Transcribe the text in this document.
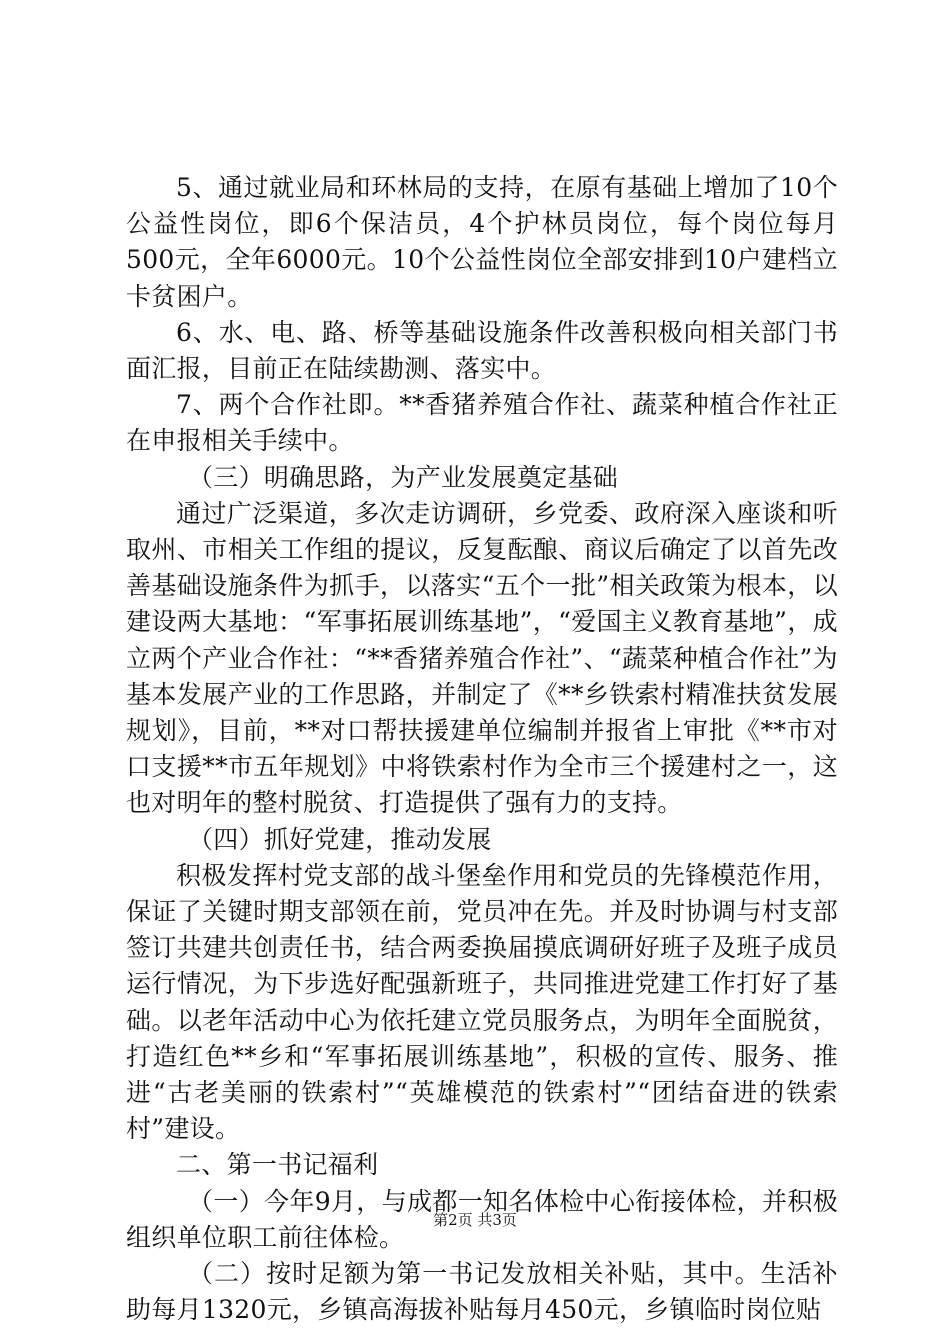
5、通过就业局和环林局的支持，在原有基础上增加了10个公益性岗位，即6个保洁员，4个护林员岗位，每个岗位每月500元，全年6000元。10个公益性岗位全部安排到10户建档立卡贫困户。

6、水、电、路、桥等基础设施条件改善积极向相关部门书面汇报，目前正在陆续勘测、落实中。

7、两个合作社即。**香猪养殖合作社、蔬菜种植合作社正在申报相关手续中。

（三）明确思路，为产业发展奠定基础

通过广泛渠道，多次走访调研，乡党委、政府深入座谈和听取州、市相关工作组的提议，反复酝酿、商议后确定了以首先改善基础设施条件为抓手，以落实“五个一批”相关政策为根本，以建设两大基地：“军事拓展训练基地”，“爱国主义教育基地”，成立两个产业合作社：“**香猪养殖合作社”、“蔬菜种植合作社”为基本发展产业的工作思路，并制定了《**乡铁索村精准扶贫发展规划》，目前，**对口帮扶援建单位编制并报省上审批《**市对口支援**市五年规划》中将铁索村作为全市三个援建村之一，这也对明年的整村脱贫、打造提供了强有力的支持。

（四）抓好党建，推动发展

积极发挥村党支部的战斗堡垒作用和党员的先锋模范作用，保证了关键时期支部领在前，党员冲在先。并及时协调与村支部签订共建共创责任书，结合两委换届摸底调研好班子及班子成员运行情况，为下步选好配强新班子，共同推进党建工作打好了基础。以老年活动中心为依托建立党员服务点，为明年全面脱贫，打造红色**乡和“军事拓展训练基地”，积极的宣传、服务、推进“古老美丽的铁索村”“英雄模范的铁索村”“团结奋进的铁索村”建设。

二、第一书记福利

（一）今年9月，与成都一知名体检中心衔接体检，并积极组织单位职工前往体检。

（二）按时足额为第一书记发放相关补贴，其中。生活补助每月1320元，乡镇高海拔补贴每月450元，乡镇临时岗位贴

第2页 共3页
